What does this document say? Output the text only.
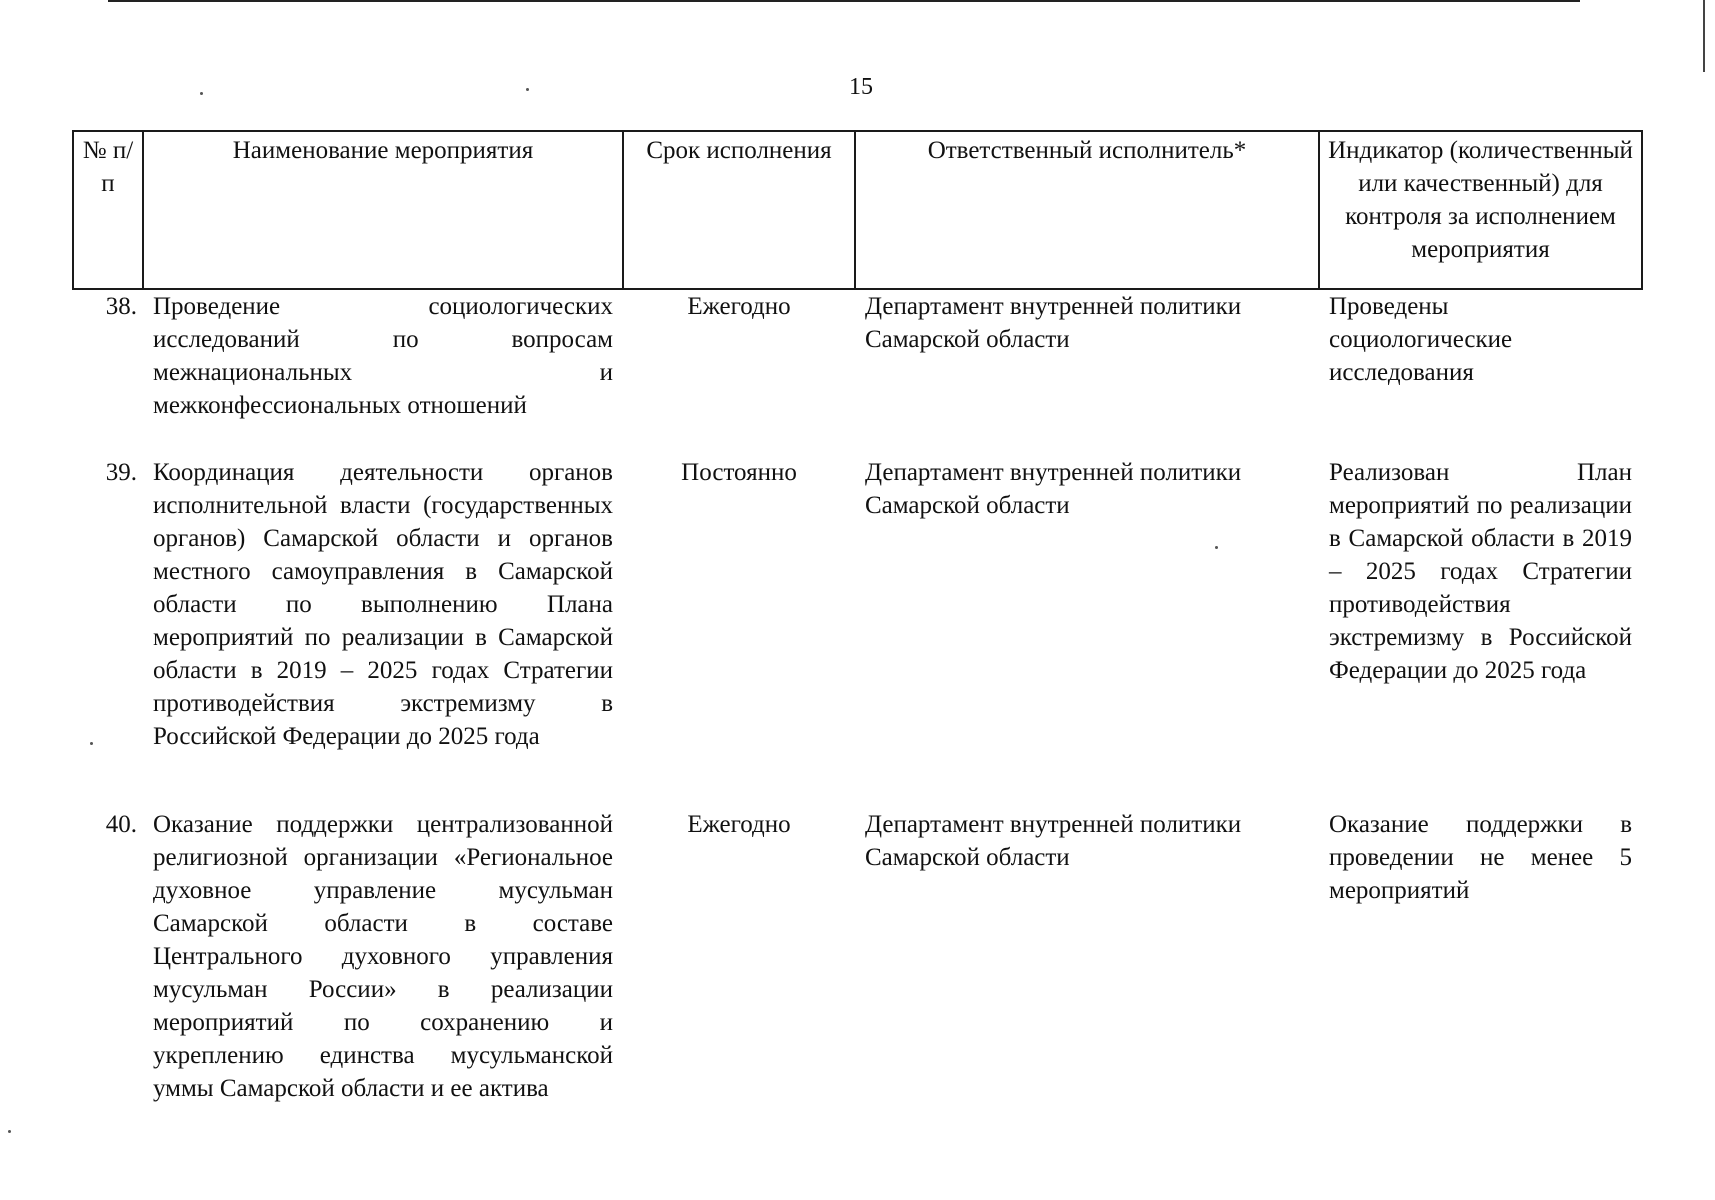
15
№ п/п	Наименование мероприятия	Срок исполнения	Ответственный исполнитель*	Индикатор (количественный или качественный) для контроля за исполнением мероприятия
38.	Проведение социологических исследований по вопросам межнациональных и межконфессиональных отношений	Ежегодно	Департамент внутренней политики Самарской области	Проведены социологические исследования
39.	Координация деятельности органов исполнительной власти (государственных органов) Самарской области и органов местного самоуправления в Самарской области по выполнению Плана мероприятий по реализации в Самарской области в 2019 – 2025 годах Стратегии противодействия экстремизму в Российской Федерации до 2025 года	Постоянно	Департамент внутренней политики Самарской области	Реализован План мероприятий по реализации в Самарской области в 2019 – 2025 годах Стратегии противодействия экстремизму в Российской Федерации до 2025 года
40.	Оказание поддержки централизованной религиозной организации «Региональное духовное управление мусульман Самарской области в составе Центрального духовного управления мусульман России» в реализации мероприятий по сохранению и укреплению единства мусульманской уммы Самарской области и ее актива	Ежегодно	Департамент внутренней политики Самарской области	Оказание поддержки в проведении не менее 5 мероприятий
